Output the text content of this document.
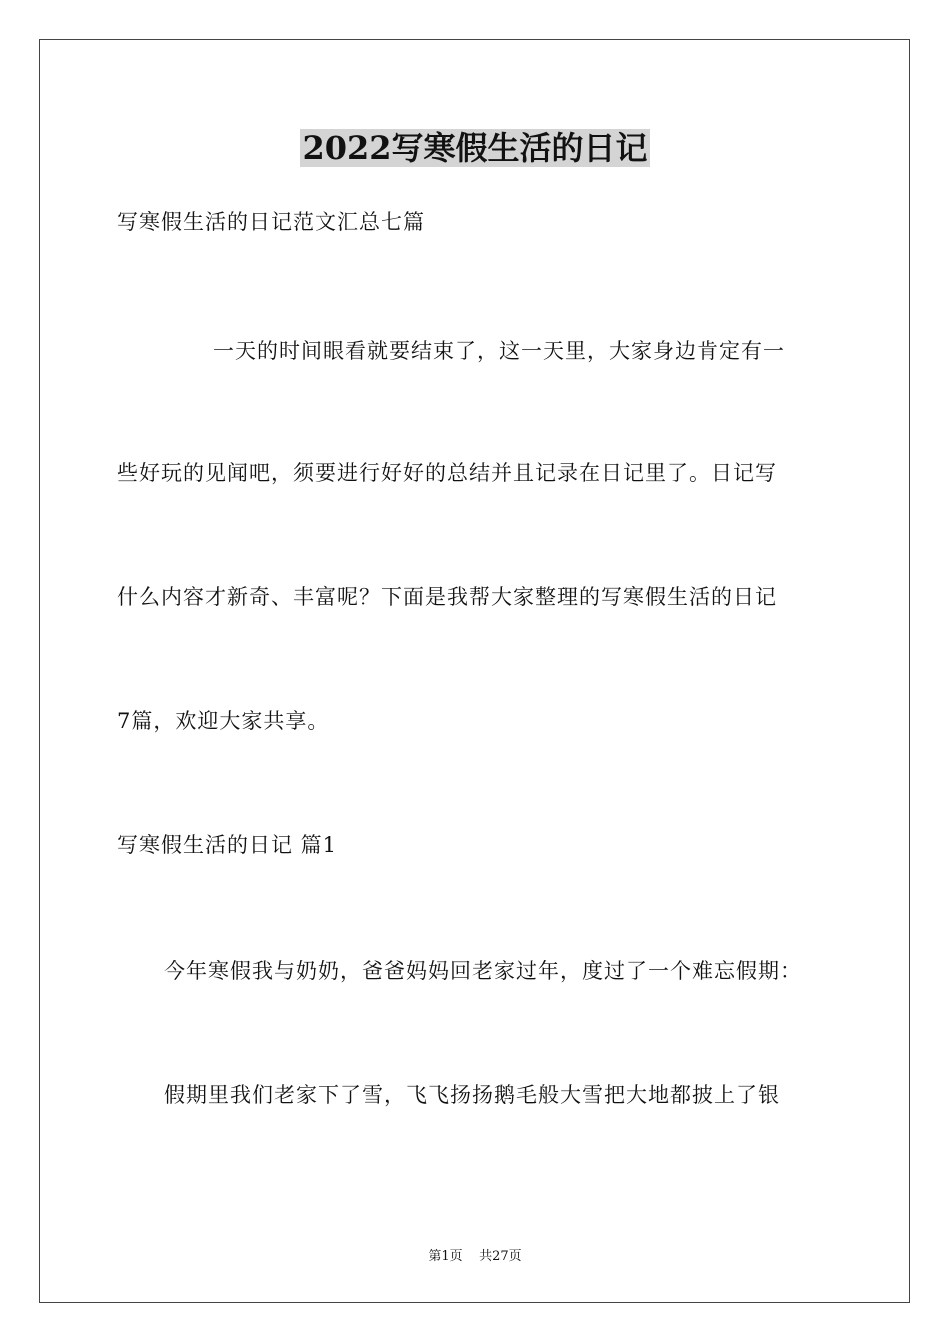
2022写寒假生活的日记
写寒假生活的日记范文汇总七篇
一天的时间眼看就要结束了，这一天里，大家身边肯定有一
些好玩的见闻吧，须要进行好好的总结并且记录在日记里了。日记写
什么内容才新奇、丰富呢？下面是我帮大家整理的写寒假生活的日记
7篇，欢迎大家共享。
写寒假生活的日记 篇1
今年寒假我与奶奶，爸爸妈妈回老家过年，度过了一个难忘假期：
假期里我们老家下了雪，飞飞扬扬鹅毛般大雪把大地都披上了银
第1页    共27页
